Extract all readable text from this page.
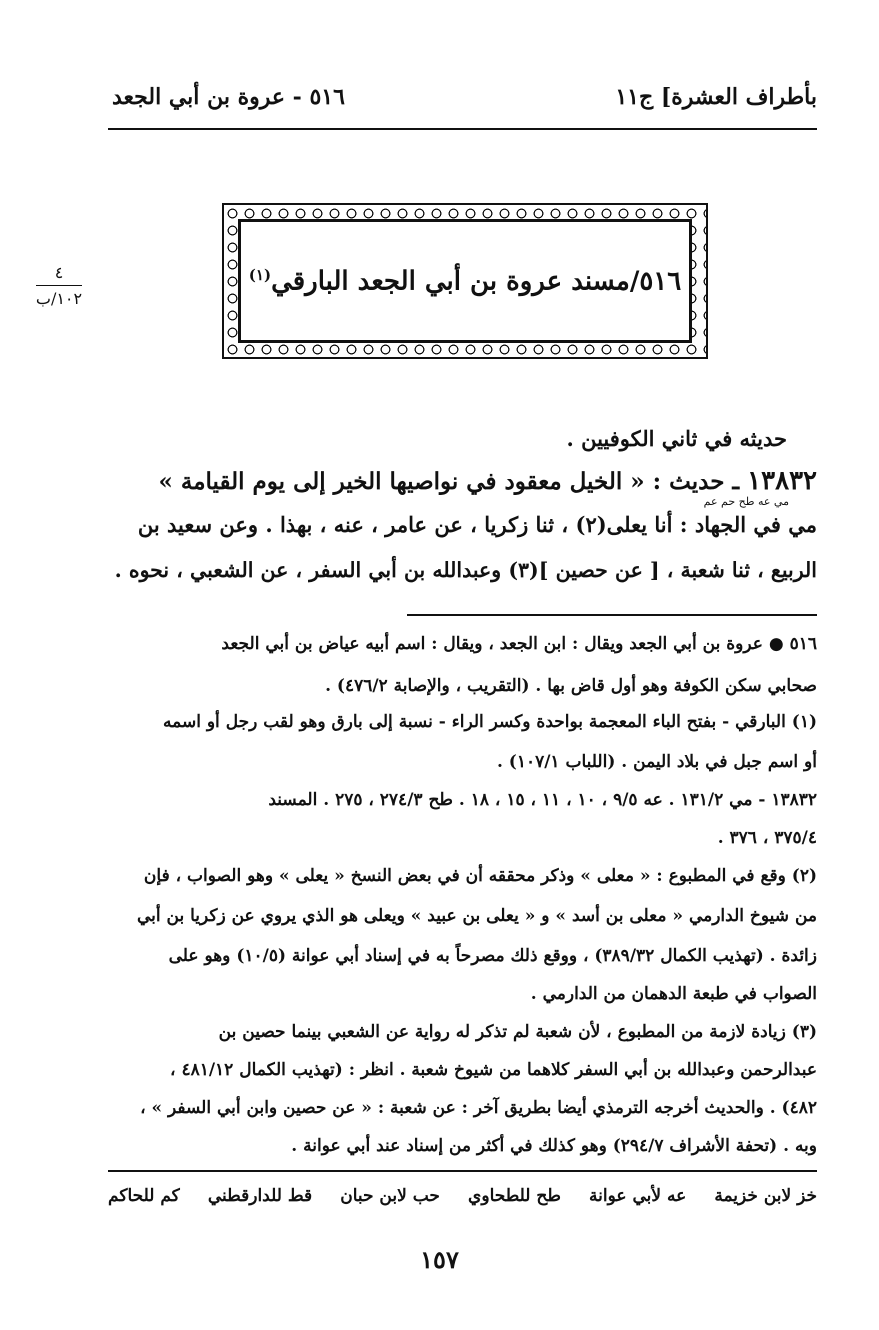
بأطراف العشرة] ج١١
٥١٦ - عروة بن أبي الجعد
٤
١٠٢/ب
٥١٦/مسند عروة بن أبي الجعد البارقي$^{(١)}$
حديثه في ثاني الكوفيين .
١٣٨٣٢ ـ حديث : « الخيل معقود في نواصيها الخير إلى يوم القيامة »
مي عه طح حم عم
مي في الجهاد : أنا يعلى(٢) ، ثنا زكريا ، عن عامر ، عنه ، بهذا . وعن سعيد بن
الربيع ، ثنا شعبة ، [ عن حصين ](٣) وعبدالله بن أبي السفر ، عن الشعبي ، نحوه .
٥١٦ ● عروة بن أبي الجعد ويقال : ابن الجعد ، ويقال : اسم أبيه عياض بن أبي الجعد
صحابي سكن الكوفة وهو أول قاض بها . (التقريب ، والإصابة ٤٧٦/٢) .
(١) البارقي - بفتح الباء المعجمة بواحدة وكسر الراء - نسبة إلى بارق وهو لقب رجل أو اسمه
أو اسم جبل في بلاد اليمن . (اللباب ١٠٧/١) .
١٣٨٣٢ - مي ١٣١/٢ . عه ٩/٥ ، ١٠ ، ١١ ، ١٥ ، ١٨ . طح ٢٧٤/٣ ، ٢٧٥ . المسند
٣٧٥/٤ ، ٣٧٦ .
(٢) وقع في المطبوع : « معلى » وذكر محققه أن في بعض النسخ « يعلى » وهو الصواب ، فإن
من شيوخ الدارمي « معلى بن أسد » و « يعلى بن عبيد » ويعلى هو الذي يروي عن زكريا بن أبي
زائدة . (تهذيب الكمال ٣٨٩/٣٢) ، ووقع ذلك مصرحاً به في إسناد أبي عوانة (١٠/٥) وهو على
الصواب في طبعة الدهمان من الدارمي .
(٣) زيادة لازمة من المطبوع ، لأن شعبة لم تذكر له رواية عن الشعبي بينما حصين بن
عبدالرحمن وعبدالله بن أبي السفر كلاهما من شيوخ شعبة . انظر : (تهذيب الكمال ٤٨١/١٢ ،
٤٨٢) . والحديث أخرجه الترمذي أيضا بطريق آخر : عن شعبة : « عن حصين وابن أبي السفر » ،
وبه . (تحفة الأشراف ٢٩٤/٧) وهو كذلك في أكثر من إسناد عند أبي عوانة .
خز لابن خزيمة
عه لأبي عوانة
طح للطحاوي
حب لابن حبان
قط للدارقطني
كم للحاكم
١٥٧
